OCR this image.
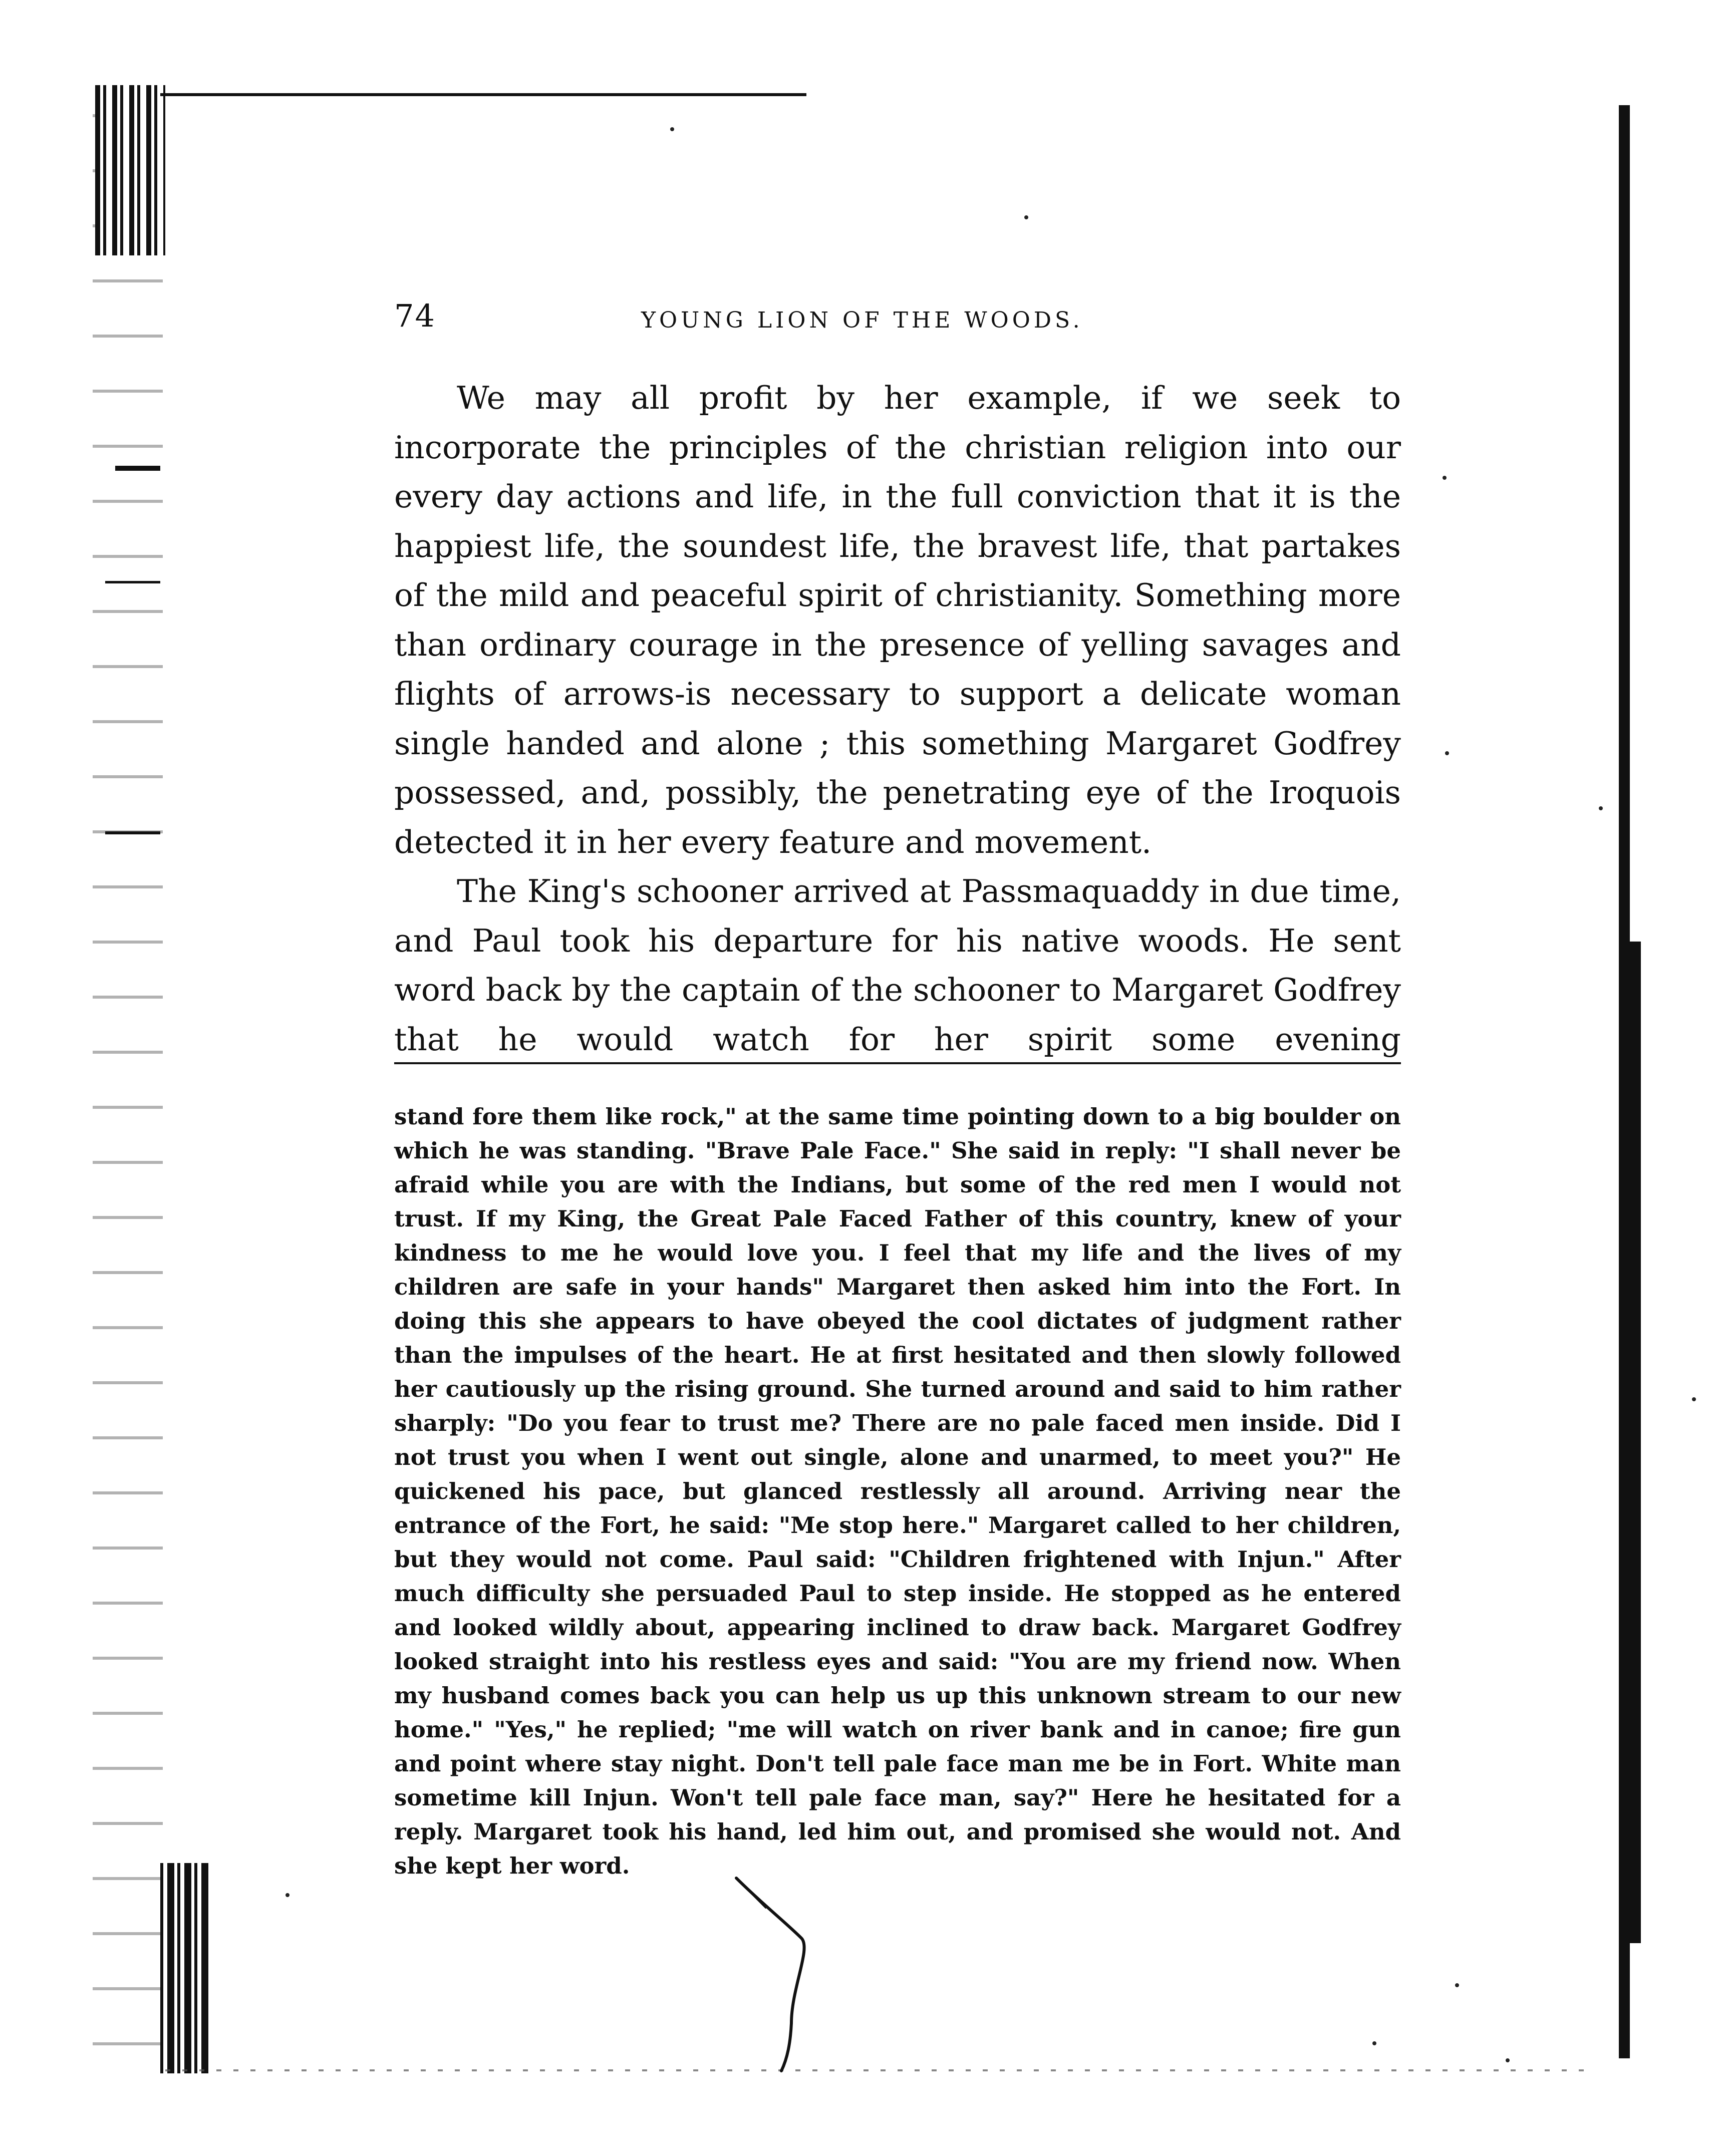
74	YOUNG LION OF THE WOODS.

We may all profit by her example, if we seek to incorporate the principles of the christian religion into our every day actions and life, in the full conviction that it is the happiest life, the soundest life, the bravest life, that partakes of the mild and peaceful spirit of christianity. Something more than ordinary courage in the presence of yelling savages and flights of arrows-is necessary to support a delicate woman single handed and alone ; this something Margaret Godfrey possessed, and, possibly, the penetrating eye of the Iroquois detected it in her every feature and movement.

The King's schooner arrived at Passmaquaddy in due time, and Paul took his departure for his native woods. He sent word back by the captain of the schooner to Margaret Godfrey that he would watch for her spirit some evening

stand fore them like rock," at the same time pointing down to a big boulder on which he was standing. "Brave Pale Face." She said in reply: "I shall never be afraid while you are with the Indians, but some of the red men I would not trust. If my King, the Great Pale Faced Father of this country, knew of your kindness to me he would love you. I feel that my life and the lives of my children are safe in your hands" Margaret then asked him into the Fort. In doing this she appears to have obeyed the cool dictates of judgment rather than the impulses of the heart. He at first hesitated and then slowly followed her cautiously up the rising ground. She turned around and said to him rather sharply: "Do you fear to trust me? There are no pale faced men inside. Did I not trust you when I went out single, alone and unarmed, to meet you?" He quickened his pace, but glanced restlessly all around. Arriving near the entrance of the Fort, he said: "Me stop here." Margaret called to her children, but they would not come. Paul said: "Children frightened with Injun." After much difficulty she persuaded Paul to step inside. He stopped as he entered and looked wildly about, appearing inclined to draw back. Margaret Godfrey looked straight into his restless eyes and said: "You are my friend now. When my husband comes back you can help us up this unknown stream to our new home." "Yes," he replied; "me will watch on river bank and in canoe; fire gun and point where stay night. Don't tell pale face man me be in Fort. White man sometime kill Injun. Won't tell pale face man, say?" Here he hesitated for a reply. Margaret took his hand, led him out, and promised she would not. And she kept her word.
